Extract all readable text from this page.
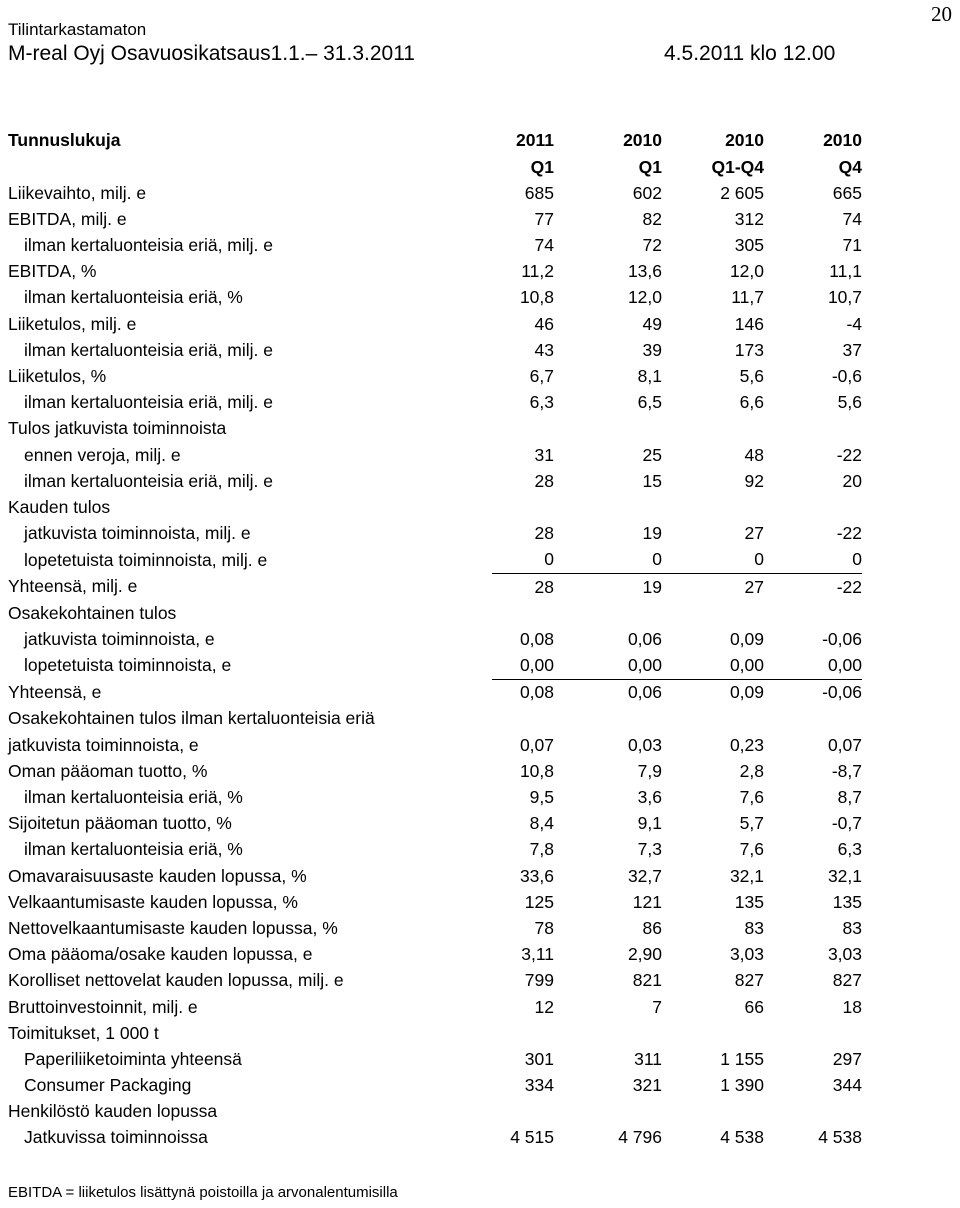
20
Tilintarkastamaton
M-real Oyj Osavuosikatsaus1.1.– 31.3.2011	4.5.2011 klo 12.00
Tunnuslukuja	2011	2010	2010	2010
	Q1	Q1	Q1-Q4	Q4
Liikevaihto, milj. e	685	602	2 605	665
EBITDA, milj. e	77	82	312	74
ilman kertaluonteisia eriä, milj. e	74	72	305	71
EBITDA, %	11,2	13,6	12,0	11,1
ilman kertaluonteisia eriä, %	10,8	12,0	11,7	10,7
Liiketulos, milj. e	46	49	146	-4
ilman kertaluonteisia eriä, milj. e	43	39	173	37
Liiketulos, %	6,7	8,1	5,6	-0,6
ilman kertaluonteisia eriä, milj. e	6,3	6,5	6,6	5,6
Tulos jatkuvista toiminnoista				
ennen veroja, milj. e	31	25	48	-22
ilman kertaluonteisia eriä, milj. e	28	15	92	20
Kauden tulos				
jatkuvista toiminnoista, milj. e	28	19	27	-22
lopetetuista toiminnoista, milj. e	0	0	0	0
Yhteensä, milj. e	28	19	27	-22
Osakekohtainen tulos				
jatkuvista toiminnoista, e	0,08	0,06	0,09	-0,06
lopetetuista toiminnoista, e	0,00	0,00	0,00	0,00
Yhteensä, e	0,08	0,06	0,09	-0,06
Osakekohtainen tulos ilman kertaluonteisia eriä				
jatkuvista toiminnoista, e	0,07	0,03	0,23	0,07
Oman pääoman tuotto, %	10,8	7,9	2,8	-8,7
ilman kertaluonteisia eriä, %	9,5	3,6	7,6	8,7
Sijoitetun pääoman tuotto, %	8,4	9,1	5,7	-0,7
ilman kertaluonteisia eriä, %	7,8	7,3	7,6	6,3
Omavaraisuusaste kauden lopussa, %	33,6	32,7	32,1	32,1
Velkaantumisaste kauden lopussa, %	125	121	135	135
Nettovelkaantumisaste kauden lopussa, %	78	86	83	83
Oma pääoma/osake kauden lopussa, e	3,11	2,90	3,03	3,03
Korolliset nettovelat kauden lopussa, milj. e	799	821	827	827
Bruttoinvestoinnit, milj. e	12	7	66	18
Toimitukset, 1 000 t				
Paperiliiketoiminta yhteensä	301	311	1 155	297
Consumer Packaging	334	321	1 390	344
Henkilöstö kauden lopussa				
Jatkuvissa toiminnoissa	4 515	4 796	4 538	4 538
EBITDA = liiketulos lisättynä poistoilla ja arvonalentumisilla
